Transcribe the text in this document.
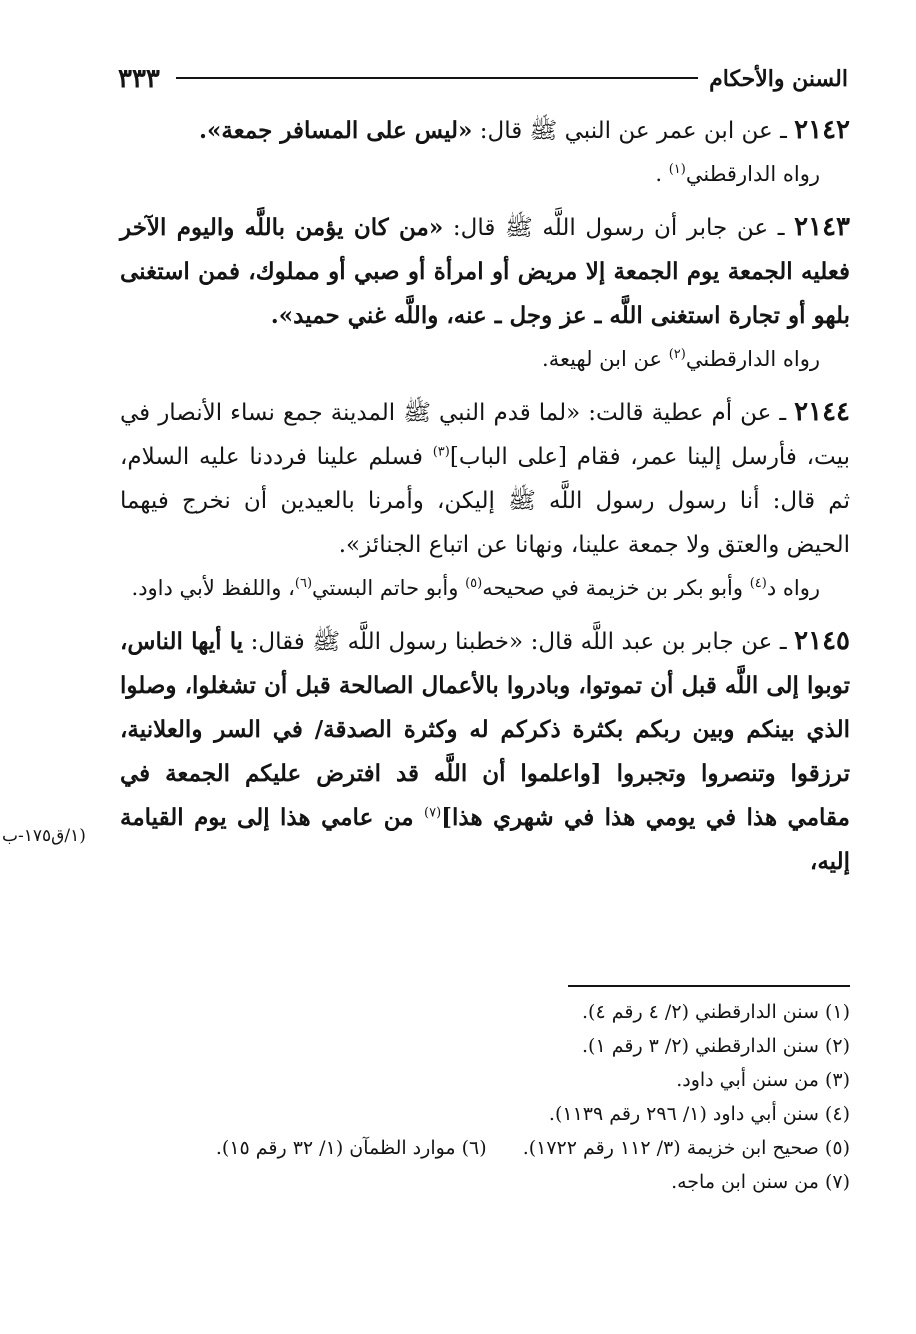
السنن والأحكام
٣٣٣

٢١٤٢ ـ عن ابن عمر عن النبي ﷺ قال: «ليس على المسافر جمعة».

رواه الدارقطني$^{(١)}$ .

٢١٤٣ ـ عن جابر أن رسول اللَّه ﷺ قال: «من كان يؤمن باللَّه واليوم الآخر فعليه الجمعة يوم الجمعة إلا مريض أو امرأة أو صبي أو مملوك، فمن استغنى بلهو أو تجارة استغنى اللَّه ـ عز وجل ـ عنه، واللَّه غني حميد».

رواه الدارقطني$^{(٢)}$ عن ابن لهيعة.

٢١٤٤ ـ عن أم عطية قالت: «لما قدم النبي ﷺ المدينة جمع نساء الأنصار في بيت، فأرسل إلينا عمر، فقام [على الباب]$^{(٣)}$ فسلم علينا فرددنا عليه السلام، ثم قال: أنا رسول رسول اللَّه ﷺ إليكن، وأمرنا بالعيدين أن نخرج فيهما الحيض والعتق ولا جمعة علينا، ونهانا عن اتباع الجنائز».

رواه د$^{(٤)}$ وأبو بكر بن خزيمة في صحيحه$^{(٥)}$ وأبو حاتم البستي$^{(٦)}$، واللفظ لأبي داود.

٢١٤٥ ـ عن جابر بن عبد اللَّه قال: «خطبنا رسول اللَّه ﷺ فقال: يا أيها الناس، توبوا إلى اللَّه قبل أن تموتوا، وبادروا بالأعمال الصالحة قبل أن تشغلوا، وصلوا الذي بينكم وبين ربكم بكثرة ذكركم له وكثرة الصدقة/ في السر والعلانية، ترزقوا وتنصروا وتجبروا [واعلموا أن اللَّه قد افترض عليكم الجمعة في مقامي هذا في يومي هذا في شهري هذا]$^{(٧)}$ من عامي هذا إلى يوم القيامة إليه،

(١/ق١٧٥-ب

(١) سنن الدارقطني (٢/ ٤ رقم ٤).

(٢) سنن الدارقطني (٢/ ٣ رقم ١).

(٣) من سنن أبي داود.

(٤) سنن أبي داود (١/ ٢٩٦ رقم ١١٣٩).

(٥) صحيح ابن خزيمة (٣/ ١١٢ رقم ١٧٢٢).(٦) موارد الظمآن (١/ ٣٢ رقم ١٥).

(٧) من سنن ابن ماجه.
